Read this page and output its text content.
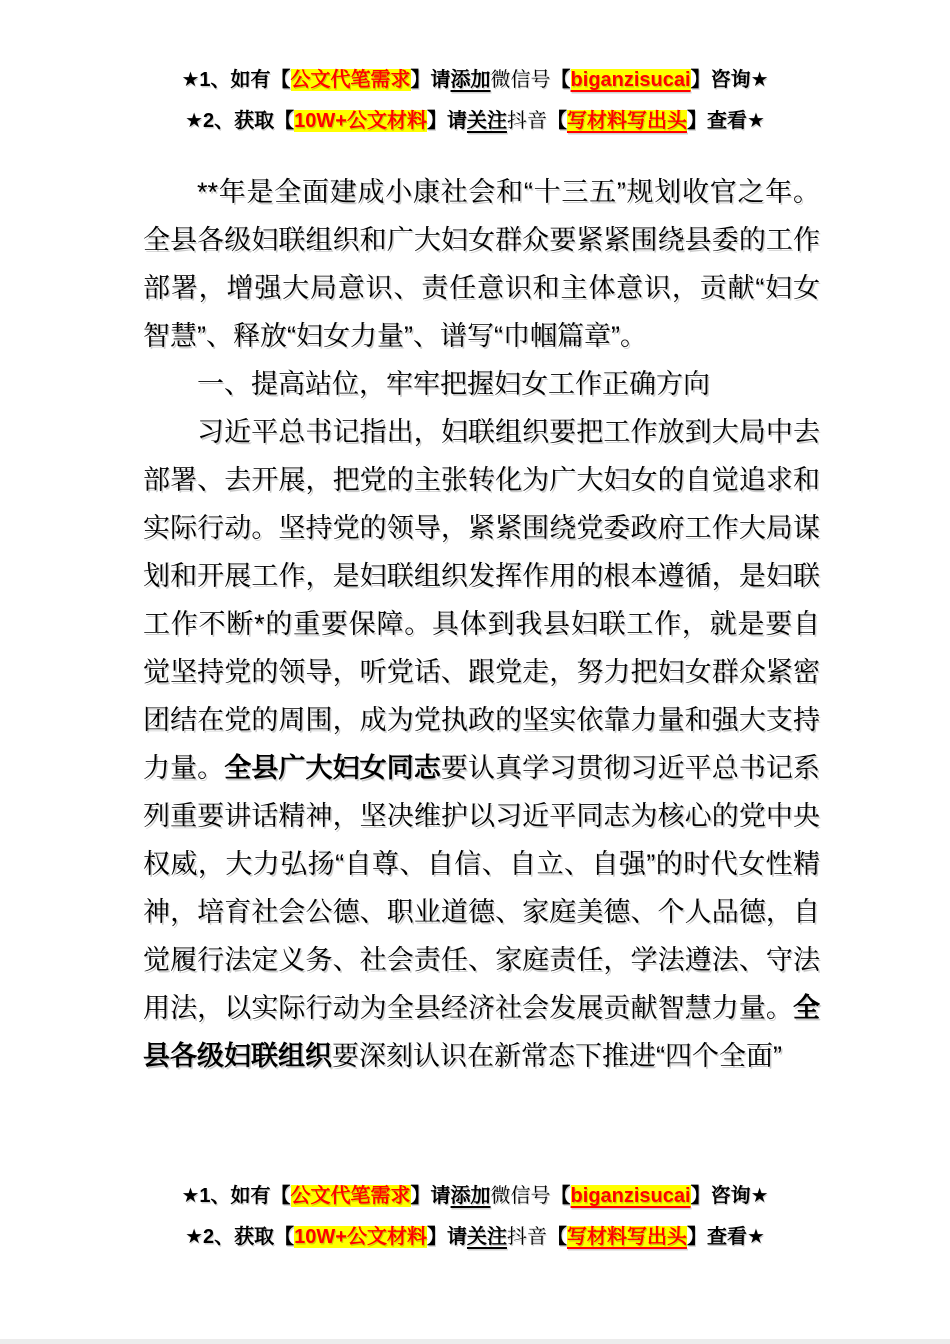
★1、如有【公文代笔需求】请添加微信号【biganzisucai】咨询★
★2、获取【10W+公文材料】请关注抖音【写材料写出头】查看★

**年是全面建成小康社会和“十三五”规划收官之年。全县各级妇联组织和广大妇女群众要紧紧围绕县委的工作部署，增强大局意识、责任意识和主体意识，贡献“妇女智慧”、释放“妇女力量”、谱写“巾帼篇章”。

一、提高站位，牢牢把握妇女工作正确方向

习近平总书记指出，妇联组织要把工作放到大局中去部署、去开展，把党的主张转化为广大妇女的自觉追求和实际行动。坚持党的领导，紧紧围绕党委政府工作大局谋划和开展工作，是妇联组织发挥作用的根本遵循，是妇联工作不断*的重要保障。具体到我县妇联工作，就是要自觉坚持党的领导，听党话、跟党走，努力把妇女群众紧密团结在党的周围，成为党执政的坚实依靠力量和强大支持力量。全县广大妇女同志要认真学习贯彻习近平总书记系列重要讲话精神，坚决维护以习近平同志为核心的党中央权威，大力弘扬“自尊、自信、自立、自强”的时代女性精神，培育社会公德、职业道德、家庭美德、个人品德，自觉履行法定义务、社会责任、家庭责任，学法遵法、守法用法，以实际行动为全县经济社会发展贡献智慧力量。全县各级妇联组织要深刻认识在新常态下推进“四个全面”

★1、如有【公文代笔需求】请添加微信号【biganzisucai】咨询★
★2、获取【10W+公文材料】请关注抖音【写材料写出头】查看★
